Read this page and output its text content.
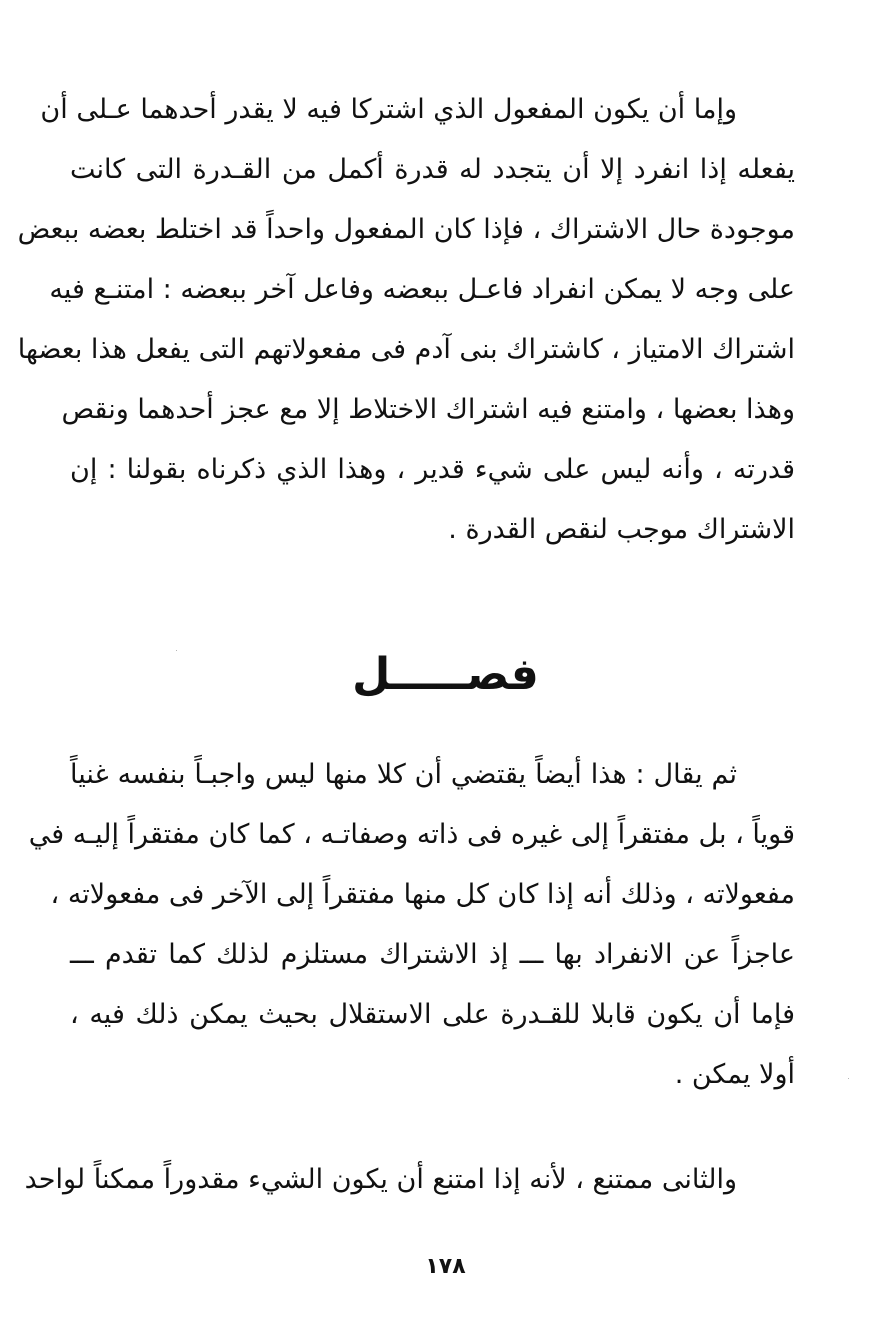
وإما أن يكون المفعول الذي اشتركا فيه لا يقدر أحدهما عـلى أن
يفعله إذا انفرد إلا أن يتجدد له قدرة أكمل من القـدرة التى كانت
موجودة حال الاشتراك ، فإذا كان المفعول واحداً قد اختلط بعضه ببعض
على وجه لا يمكن انفراد فاعـل ببعضه وفاعل آخر ببعضه : امتنـع فيه
اشتراك الامتياز ، كاشتراك بنى آدم فى مفعولاتهم التى يفعل هذا بعضها
وهذا بعضها ، وامتنع فيه اشتراك الاختلاط إلا مع عجز أحدهما ونقص
قدرته ، وأنه ليس على شيء قدير ، وهذا الذي ذكرناه بقولنا : إن
الاشتراك موجب لنقص القدرة .
فصـــــل
ثم يقال : هذا أيضاً يقتضي أن كلا منها ليس واجبـاً بنفسه غنياً
قوياً ، بل مفتقراً إلى غيره فى ذاته وصفاتـه ، كما كان مفتقراً إليـه في
مفعولاته ، وذلك أنه إذا كان كل منها مفتقراً إلى الآخر فى مفعولاته ،
عاجزاً عن الانفراد بها ـــ إذ الاشتراك مستلزم لذلك كما تقدم ـــ
فإما أن يكون قابلا للقـدرة على الاستقلال بحيث يمكن ذلك فيه ،
أولا يمكن .
والثانى ممتنع ، لأنه إذا امتنع أن يكون الشيء مقدوراً ممكناً لواحد
١٧٨
